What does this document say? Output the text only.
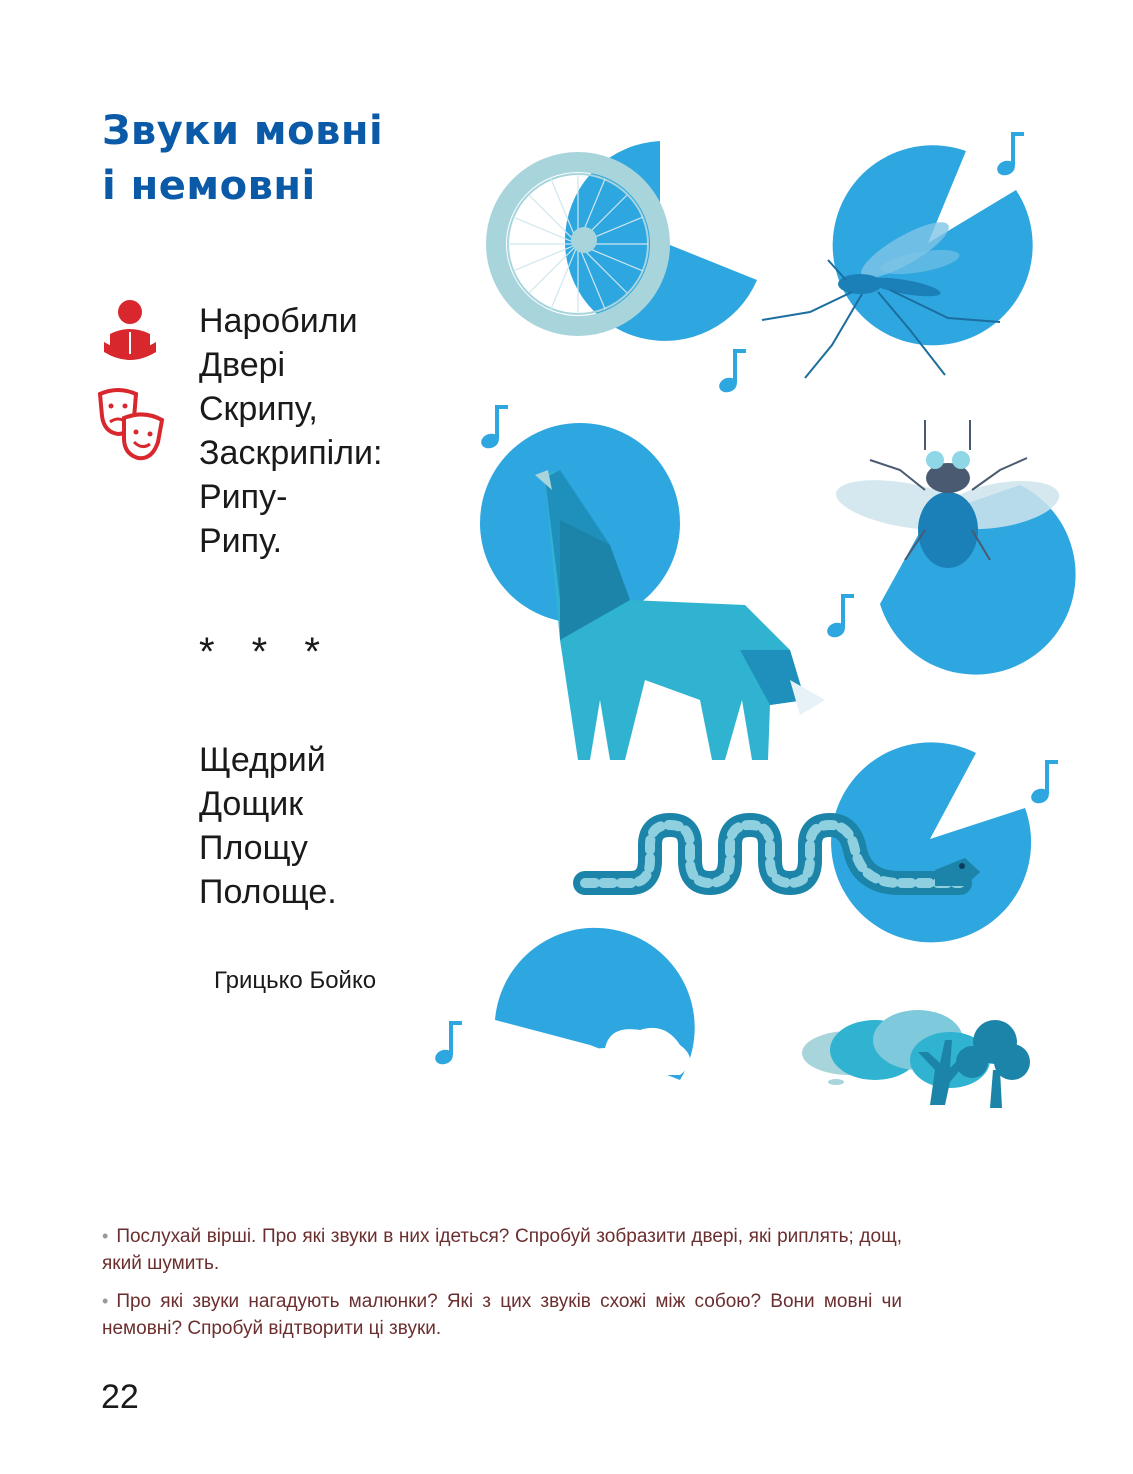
Звуки мовні
і немовні
Наробили
Двері
Скрипу,
Заскрипіли:
Рипу-
Рипу.
* * *
Щедрий
Дощик
Площу
Полоще.
Грицько Бойко
• Послухай вірші. Про які звуки в них ідеться? Спробуй зобразити двері, які риплять; дощ, який шумить.
• Про які звуки нагадують малюнки? Які з цих звуків схожі між собою? Вони мовні чи немовні? Спробуй відтворити ці звуки.
22
